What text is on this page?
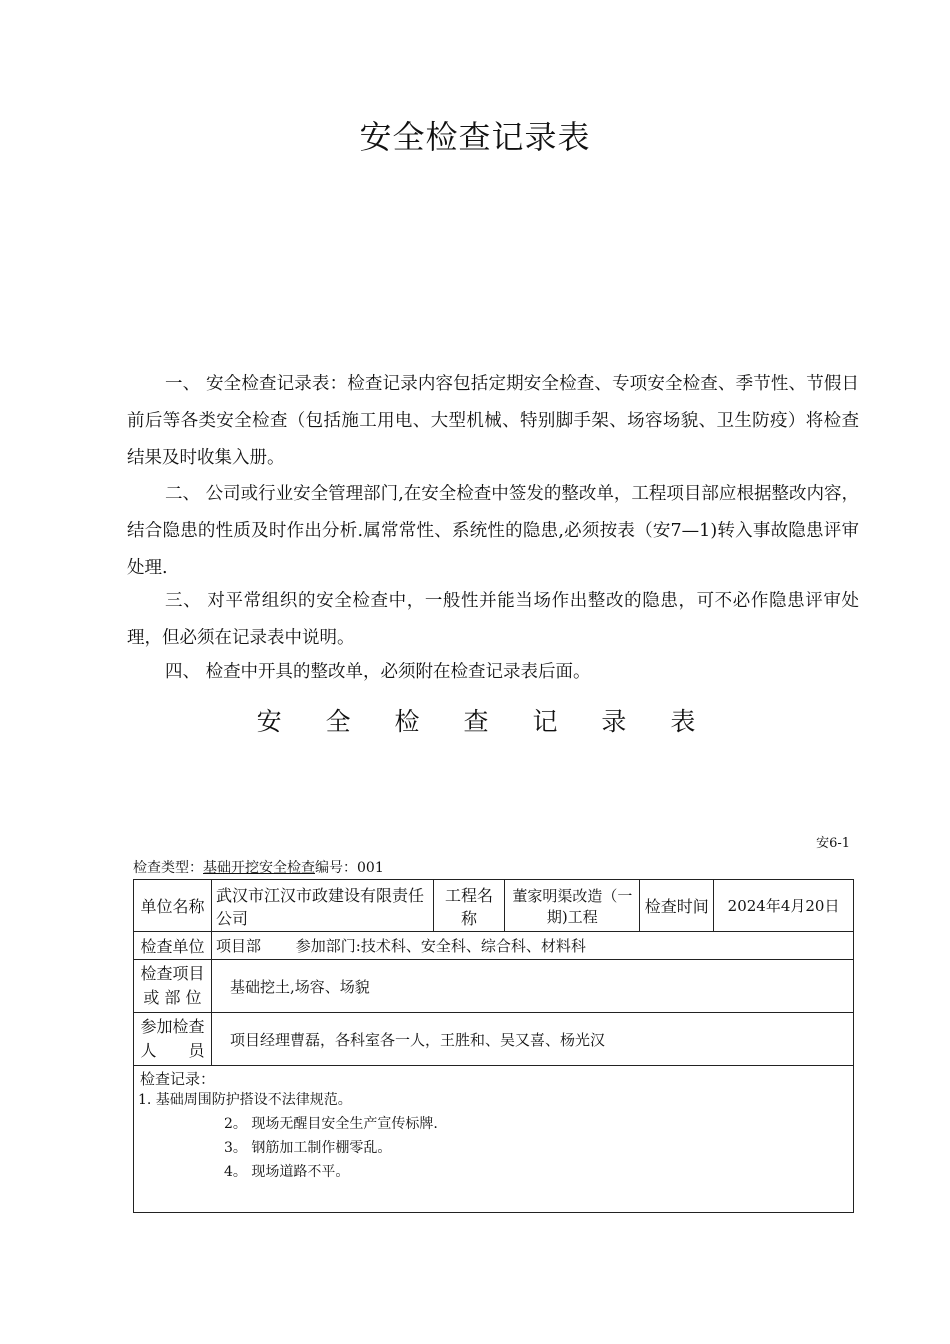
安全检查记录表
一、 安全检查记录表：检查记录内容包括定期安全检查、专项安全检查、季节性、节假日前后等各类安全检查（包括施工用电、大型机械、特别脚手架、场容场貌、卫生防疫）将检查结果及时收集入册。
二、 公司或行业安全管理部门,在安全检查中签发的整改单，工程项目部应根据整改内容，结合隐患的性质及时作出分析.属常常性、系统性的隐患,必须按表（安7—1)转入事故隐患评审处理.
三、 对平常组织的安全检查中，一般性并能当场作出整改的隐患，可不必作隐患评审处理，但必须在记录表中说明。
四、 检查中开具的整改单，必须附在检查记录表后面。
安 全 检 查 记 录 表
安6-1
检查类型：基础开挖安全检查编号：001
单位名称	武汉市江汉市政建设有限责任公司	工程名称	董家明渠改造（一期)工程	检查时间	2024年4月20日
检查单位	项目部 参加部门:技术科、安全科、综合科、材料科				

检查项目
或 部 位	基础挖土,场容、场貌				

参加检查
人　　员	项目经理曹磊，各科室各一人，王胜和、吴又喜、杨光汉				

检查记录：
1. 基础周围防护搭设不法律规范。
2。 现场无醒目安全生产宣传标牌.
3。 钢筋加工制作棚零乱。
4。 现场道路不平。					
